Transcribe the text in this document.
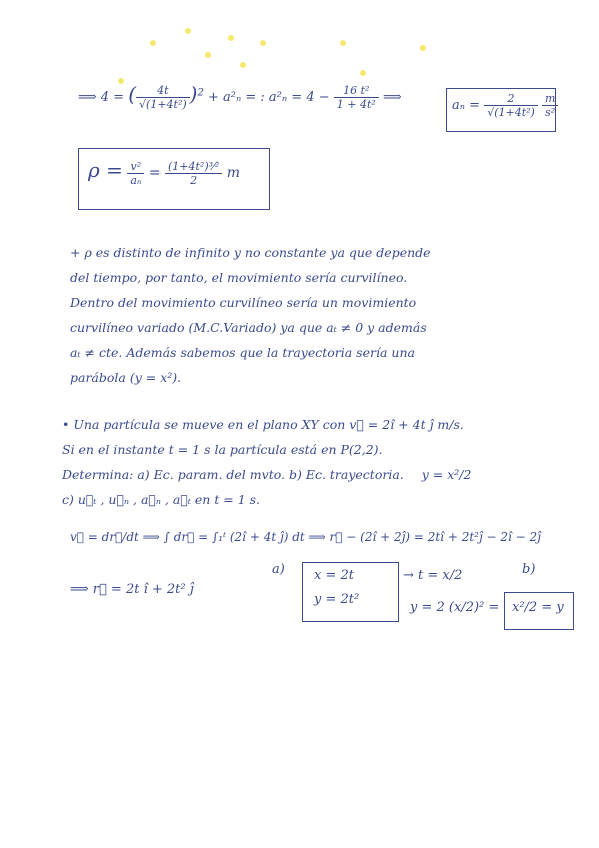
⟹ 4 = ( $\frac{4t}{\text{√(1+4t²)}} )^2 + a^2_n$ = : $a^2_n = 4 - \frac{\text{16 t²}}{\text{1 + 4t²}}$ ⟹
$a_n = \frac{2}{\text{√(1+4t²)}}$
$\frac{m}{\text{s²}}$
$\rho = \frac{\text{v²}}{\text{aₙ}} = \frac{\text{(1+4t²)³⁄²}}{2}$ m
+ ρ es distinto de infinito y no constante ya que depende
del tiempo, por tanto, el movimiento sería curvilíneo.
Dentro del movimiento curvilíneo sería un movimiento
curvilíneo variado (M.C.Variado) ya que aₜ ≠ 0 y además
aₜ ≠ cte. Además sabemos que la trayectoria sería una
parábola (y = x²).
• Una partícula se mueve en el plano XY con v⃗ = 2î + 4t ĵ m/s.
Si en el instante t = 1 s la partícula está en P(2,2).
Determina: a) Ec. param. del mvto. b) Ec. trayectoria. y = x²/2
c) u⃗ₜ , u⃗ₙ , a⃗ₙ , a⃗ₜ en t = 1 s.
v⃗ = dr⃗/dt ⟹ ∫ dr⃗ = ∫₁ᵗ (2î + 4t ĵ) dt ⟹ r⃗ − (2î + 2ĵ) = 2tî + 2t²ĵ − 2î − 2ĵ
⟹ r⃗ = 2t î + 2t² ĵ
a) x = 2t
y = 2t²
→ t = x/2	b)
y = 2 (x/2)² = x²/2 = y
